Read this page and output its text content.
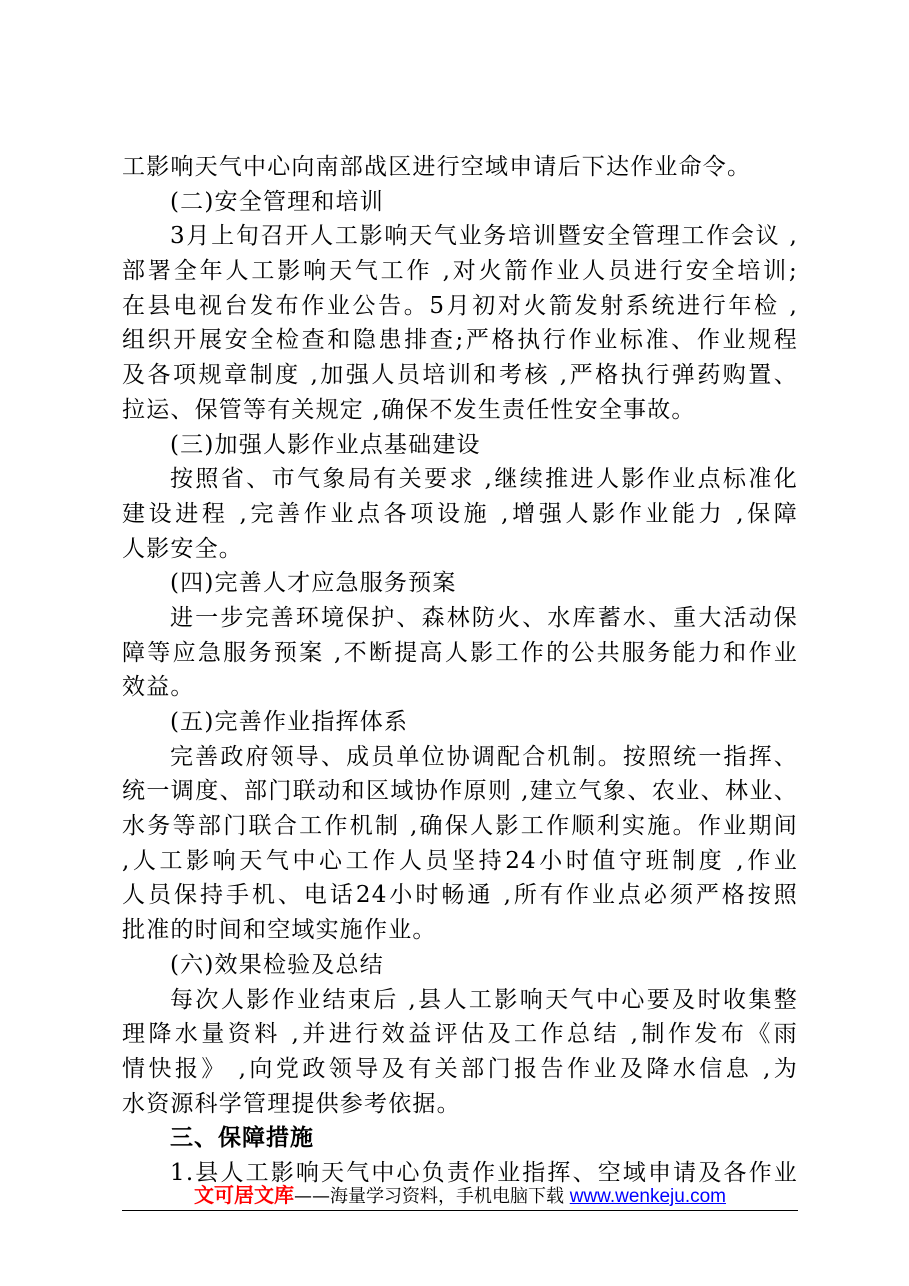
工影响天气中心向南部战区进行空域申请后下达作业命令。
(二)安全管理和培训
3月上旬召开人工影响天气业务培训暨安全管理工作会议 ,
部署全年人工影响天气工作 ,对火箭作业人员进行安全培训;
在县电视台发布作业公告。5月初对火箭发射系统进行年检 ,
组织开展安全检查和隐患排查;严格执行作业标准、作业规程
及各项规章制度 ,加强人员培训和考核 ,严格执行弹药购置、
拉运、保管等有关规定 ,确保不发生责任性安全事故。
(三)加强人影作业点基础建设
按照省、市气象局有关要求 ,继续推进人影作业点标准化
建设进程 ,完善作业点各项设施 ,增强人影作业能力 ,保障
人影安全。
(四)完善人才应急服务预案
进一步完善环境保护、森林防火、水库蓄水、重大活动保
障等应急服务预案 ,不断提高人影工作的公共服务能力和作业
效益。
(五)完善作业指挥体系
完善政府领导、成员单位协调配合机制。按照统一指挥、
统一调度、部门联动和区域协作原则 ,建立气象、农业、林业、
水务等部门联合工作机制 ,确保人影工作顺利实施。作业期间
,人工影响天气中心工作人员坚持24小时值守班制度 ,作业
人员保持手机、电话24小时畅通 ,所有作业点必须严格按照
批准的时间和空域实施作业。
(六)效果检验及总结
每次人影作业结束后 ,县人工影响天气中心要及时收集整
理降水量资料 ,并进行效益评估及工作总结 ,制作发布《雨
情快报》 ,向党政领导及有关部门报告作业及降水信息 ,为
水资源科学管理提供参考依据。
三、保障措施
1.县人工影响天气中心负责作业指挥、空域申请及各作业
文可居文库——海量学习资料，手机电脑下载 www.wenkeju.com
